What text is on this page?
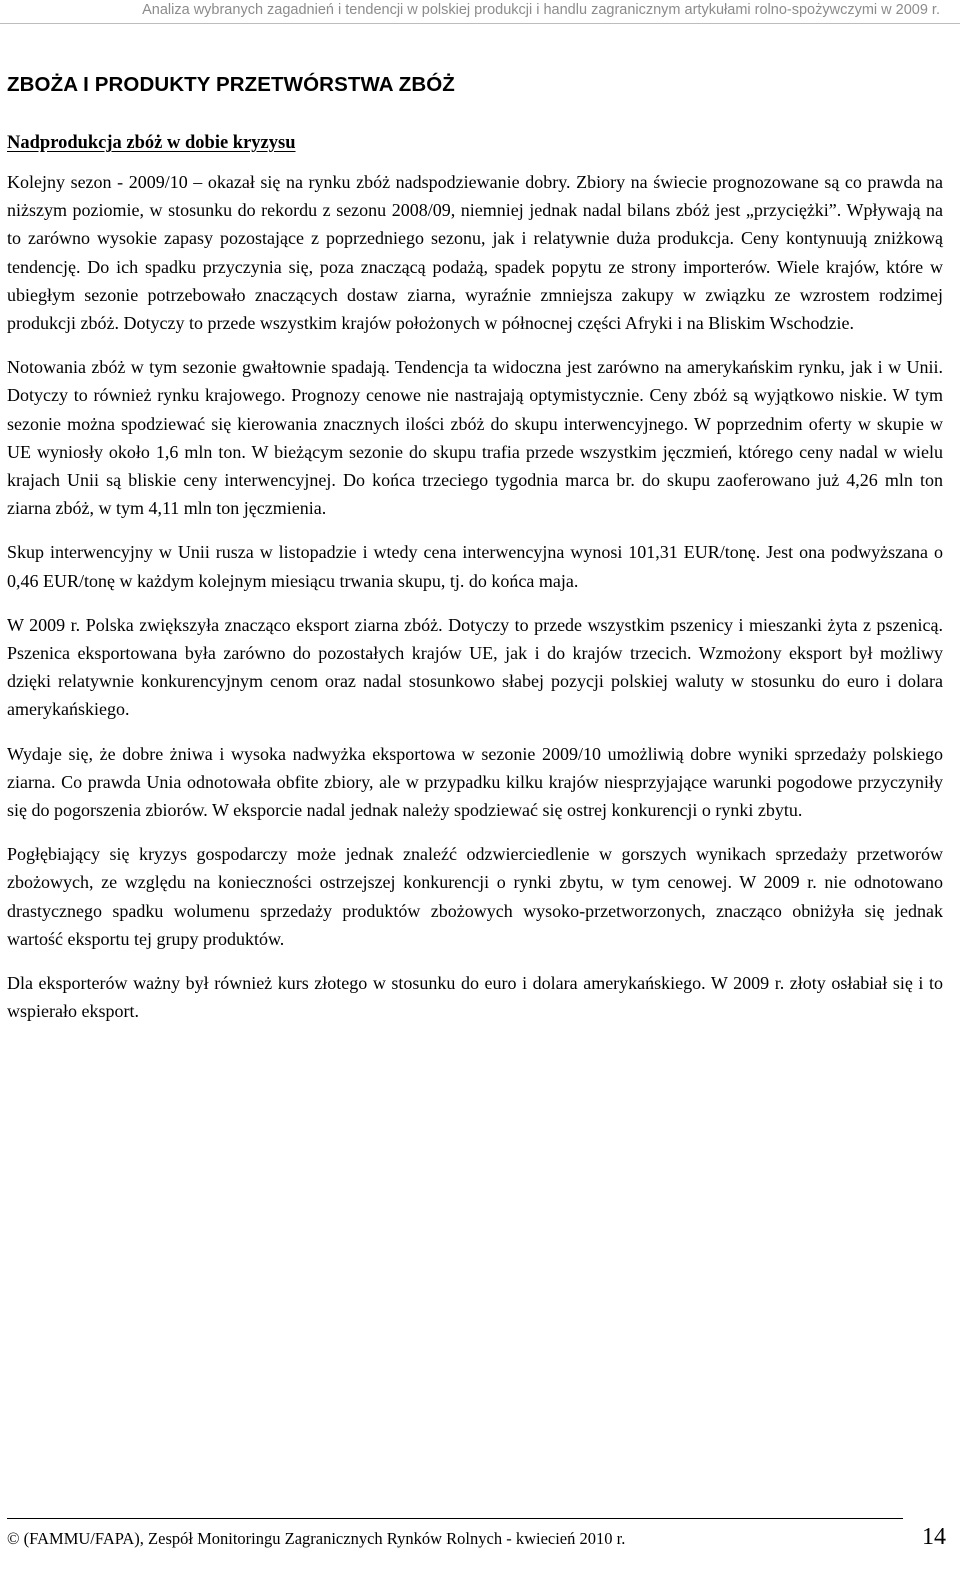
Analiza wybranych zagadnień i tendencji w polskiej produkcji i handlu zagranicznym artykułami rolno-spożywczymi w 2009 r.
ZBOŻA I PRODUKTY PRZETWÓRSTWA ZBÓŻ
Nadprodukcja zbóż w dobie kryzysu

Kolejny sezon - 2009/10 – okazał się na rynku zbóż nadspodziewanie dobry. Zbiory na świecie prognozowane są co prawda na niższym poziomie, w stosunku do rekordu z sezonu 2008/09, niemniej jednak nadal bilans zbóż jest „przyciężki”. Wpływają na to zarówno wysokie zapasy pozostające z poprzedniego sezonu, jak i relatywnie duża produkcja. Ceny kontynuują zniżkową tendencję. Do ich spadku przyczynia się, poza znaczącą podażą, spadek popytu ze strony importerów. Wiele krajów, które w ubiegłym sezonie potrzebowało znaczących dostaw ziarna, wyraźnie zmniejsza zakupy w związku ze wzrostem rodzimej produkcji zbóż. Dotyczy to przede wszystkim krajów położonych w północnej części Afryki i na Bliskim Wschodzie.

Notowania zbóż w tym sezonie gwałtownie spadają. Tendencja ta widoczna jest zarówno na amerykańskim rynku, jak i w Unii. Dotyczy to również rynku krajowego. Prognozy cenowe nie nastrajają optymistycznie. Ceny zbóż są wyjątkowo niskie. W tym sezonie można spodziewać się kierowania znacznych ilości zbóż do skupu interwencyjnego. W poprzednim oferty w skupie w UE wyniosły około 1,6 mln ton. W bieżącym sezonie do skupu trafia przede wszystkim jęczmień, którego ceny nadal w wielu krajach Unii są bliskie ceny interwencyjnej. Do końca trzeciego tygodnia marca br. do skupu zaoferowano już 4,26 mln ton ziarna zbóż, w tym 4,11 mln ton jęczmienia.

Skup interwencyjny w Unii rusza w listopadzie i wtedy cena interwencyjna wynosi 101,31 EUR/tonę. Jest ona podwyższana o 0,46 EUR/tonę w każdym kolejnym miesiącu trwania skupu, tj. do końca maja.

W 2009 r. Polska zwiększyła znacząco eksport ziarna zbóż. Dotyczy to przede wszystkim pszenicy i mieszanki żyta z pszenicą. Pszenica eksportowana była zarówno do pozostałych krajów UE, jak i do krajów trzecich. Wzmożony eksport był możliwy dzięki relatywnie konkurencyjnym cenom oraz nadal stosunkowo słabej pozycji polskiej waluty w stosunku do euro i dolara amerykańskiego.

Wydaje się, że dobre żniwa i wysoka nadwyżka eksportowa w sezonie 2009/10 umożliwią dobre wyniki sprzedaży polskiego ziarna. Co prawda Unia odnotowała obfite zbiory, ale w przypadku kilku krajów niesprzyjające warunki pogodowe przyczyniły się do pogorszenia zbiorów. W eksporcie nadal jednak należy spodziewać się ostrej konkurencji o rynki zbytu.

Pogłębiający się kryzys gospodarczy może jednak znaleźć odzwierciedlenie w gorszych wynikach sprzedaży przetworów zbożowych, ze względu na konieczności ostrzejszej konkurencji o rynki zbytu, w tym cenowej. W 2009 r. nie odnotowano drastycznego spadku wolumenu sprzedaży produktów zbożowych wysoko-przetworzonych, znacząco obniżyła się jednak wartość eksportu tej grupy produktów.

Dla eksporterów ważny był również kurs złotego w stosunku do euro i dolara amerykańskiego. W 2009 r. złoty osłabiał się i to wspierało eksport.

© (FAMMU/FAPA), Zespół Monitoringu Zagranicznych Rynków Rolnych - kwiecień 2010 r.	14
